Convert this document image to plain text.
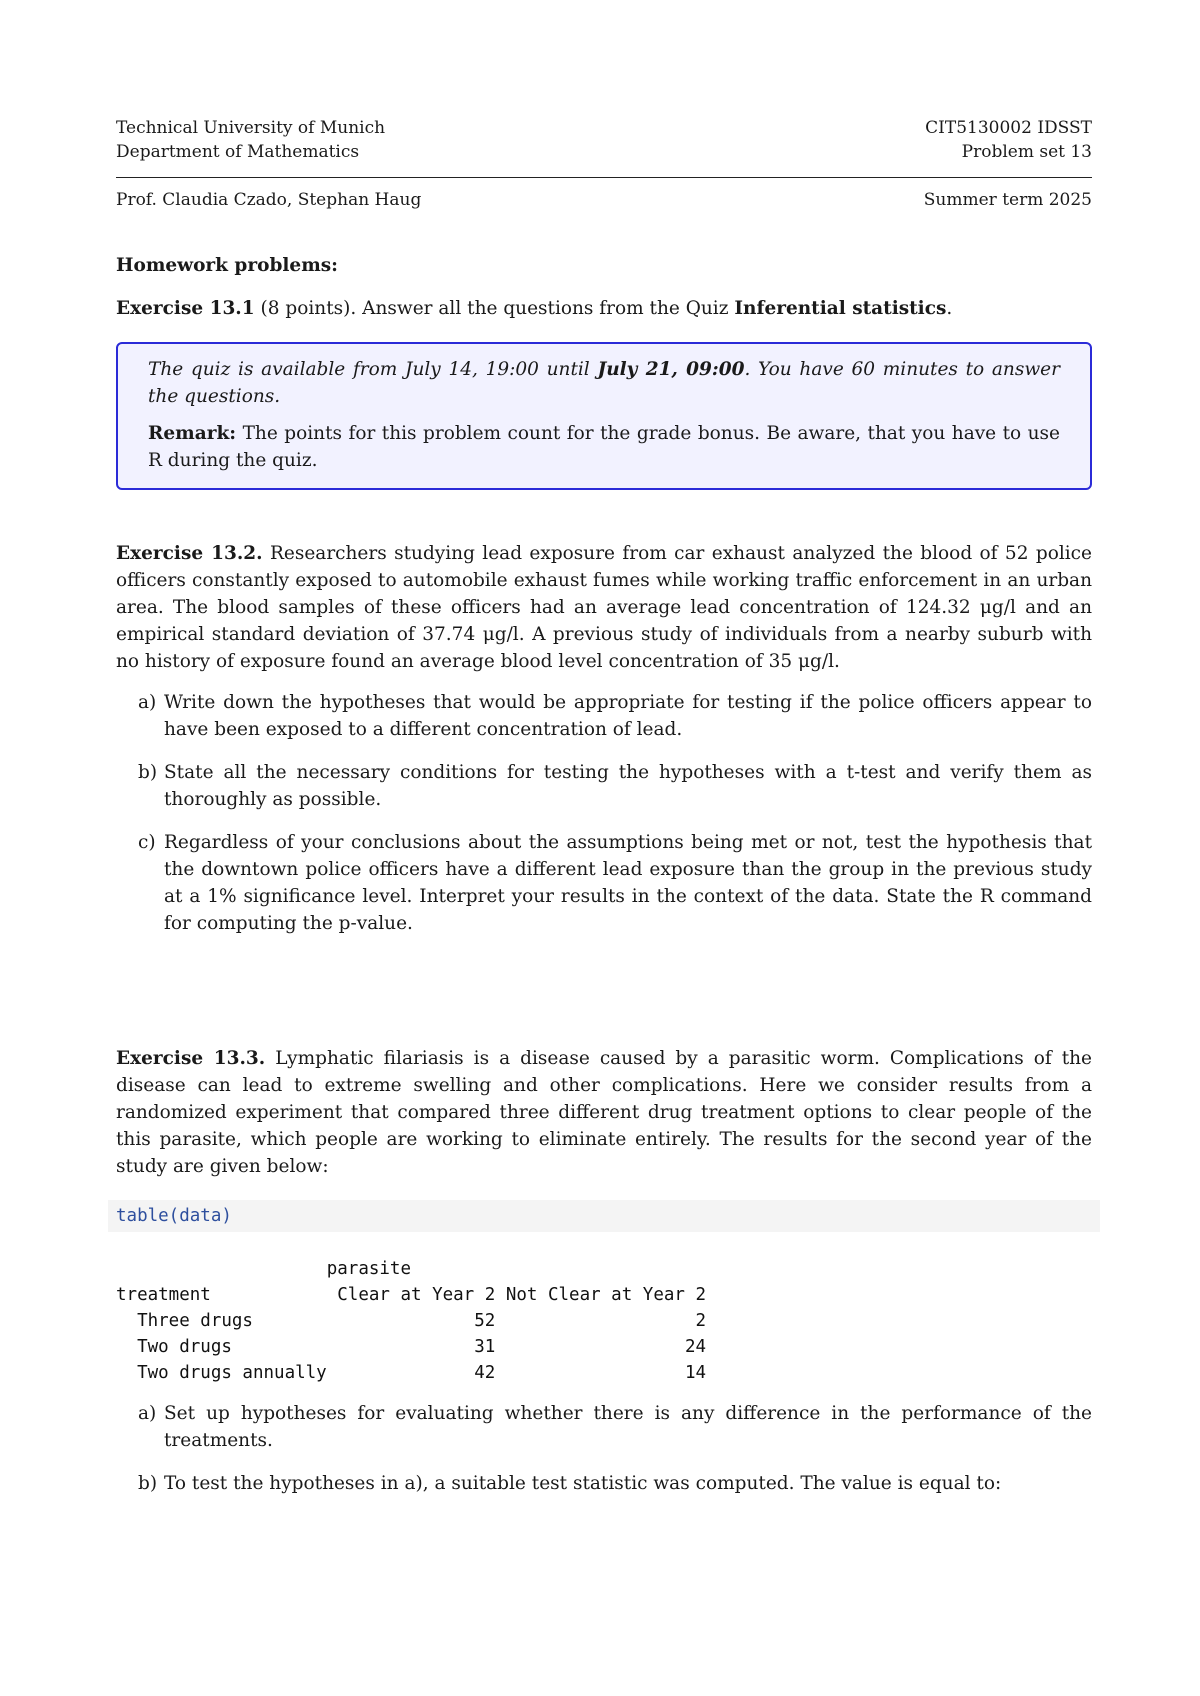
Technical University of Munich	CIT5130002 IDSST
Department of Mathematics	Problem set 13
Prof. Claudia Czado, Stephan Haug	Summer term 2025
Homework problems:

Exercise 13.1 (8 points). Answer all the questions from the Quiz Inferential statistics.

The quiz is available from July 14, 19:00 until July 21, 09:00. You have 60 minutes to answer the questions.

Remark: The points for this problem count for the grade bonus. Be aware, that you have to use R during the quiz.

Exercise 13.2. Researchers studying lead exposure from car exhaust analyzed the blood of 52 police officers constantly exposed to automobile exhaust fumes while working traffic enforcement in an urban area. The blood samples of these officers had an average lead concentration of 124.32 μg/l and an empirical standard deviation of 37.74 μg/l. A previous study of individuals from a nearby suburb with no history of exposure found an average blood level concentration of 35 μg/l.

a) Write down the hypotheses that would be appropriate for testing if the police officers appear to have been exposed to a different concentration of lead.
b) State all the necessary conditions for testing the hypotheses with a t-test and verify them as thoroughly as possible.
c) Regardless of your conclusions about the assumptions being met or not, test the hypothesis that the downtown police officers have a different lead exposure than the group in the previous study at a 1% significance level. Interpret your results in the context of the data. State the R command for computing the p-value.

Exercise 13.3. Lymphatic filariasis is a disease caused by a parasitic worm. Complications of the disease can lead to extreme swelling and other complications. Here we consider results from a randomized experiment that compared three different drug treatment options to clear people of the this parasite, which people are working to eliminate entirely. The results for the second year of the study are given below:

table(data)
parasite
treatment            Clear at Year 2 Not Clear at Year 2
Three drugs                     52                   2
Two drugs                       31                  24
Two drugs annually              42                  14
a) Set up hypotheses for evaluating whether there is any difference in the performance of the treatments.
b) To test the hypotheses in a), a suitable test statistic was computed. The value is equal to:
